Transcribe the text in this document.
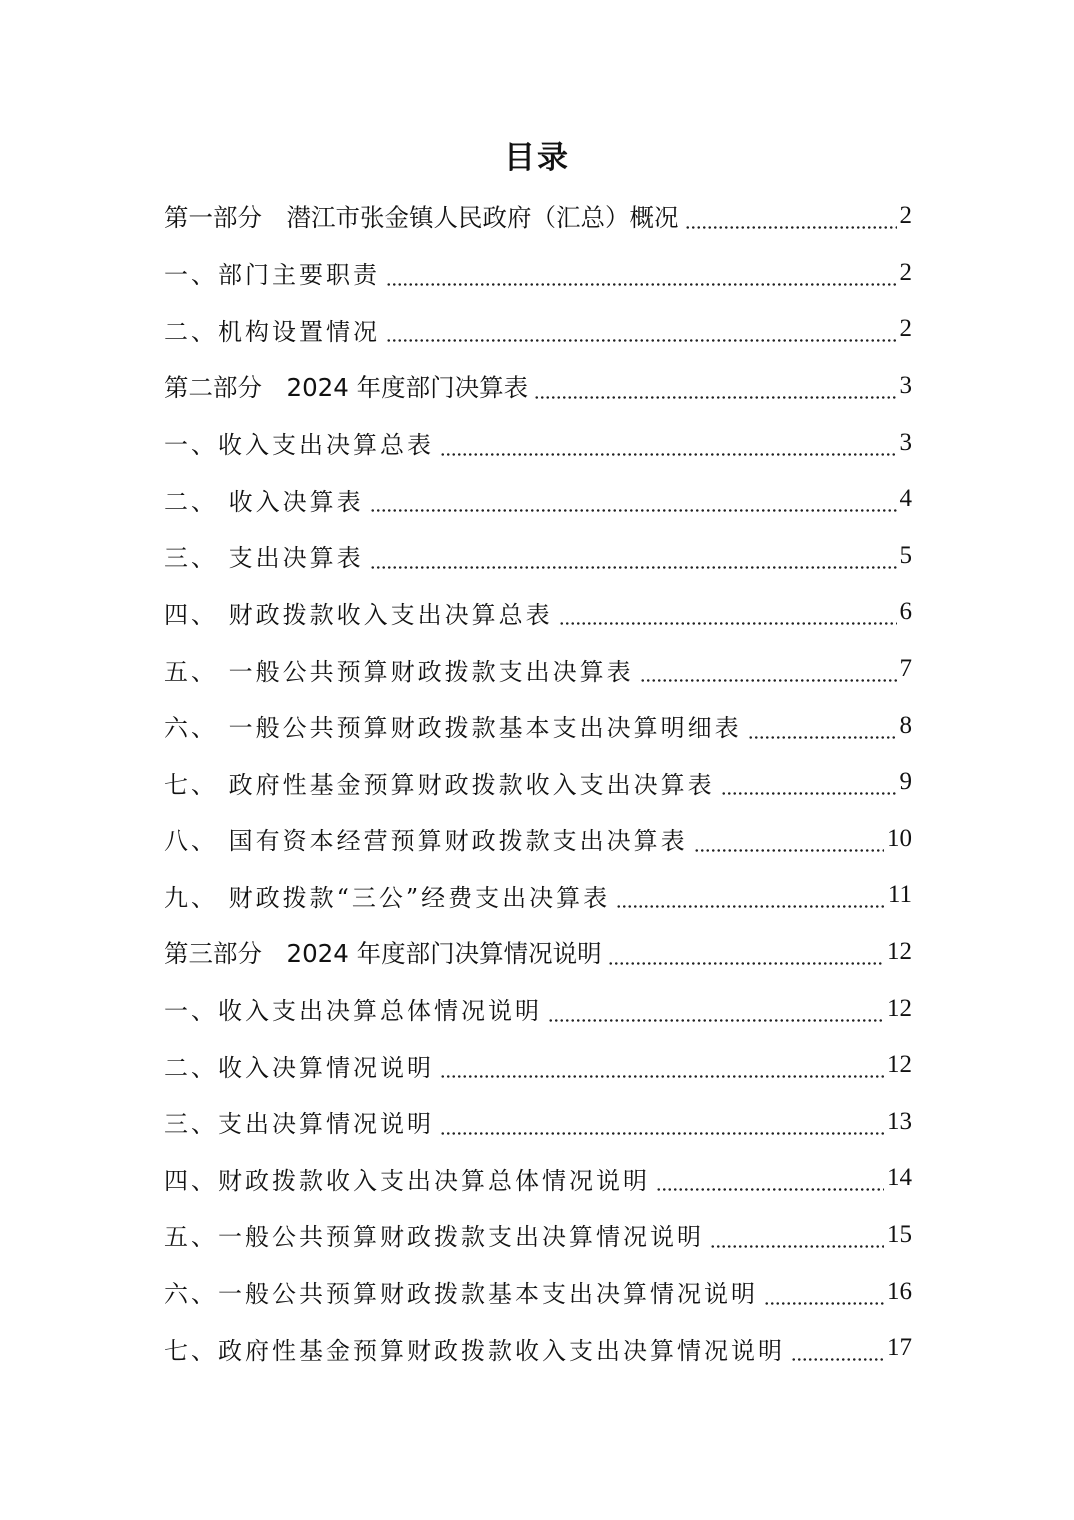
目录
第一部分　潜江市张金镇人民政府（汇总）概况	2
一、部门主要职责	2
二、机构设置情况	2
第二部分　2024 年度部门决算表	3
一、收入支出决算总表	3
二、 收入决算表	4
三、 支出决算表	5
四、 财政拨款收入支出决算总表	6
五、 一般公共预算财政拨款支出决算表	7
六、 一般公共预算财政拨款基本支出决算明细表	8
七、 政府性基金预算财政拨款收入支出决算表	9
八、 国有资本经营预算财政拨款支出决算表	10
九、 财政拨款“三公”经费支出决算表	11
第三部分　2024 年度部门决算情况说明	12
一、收入支出决算总体情况说明	12
二、收入决算情况说明	12
三、支出决算情况说明	13
四、财政拨款收入支出决算总体情况说明	14
五、一般公共预算财政拨款支出决算情况说明	15
六、一般公共预算财政拨款基本支出决算情况说明	16
七、政府性基金预算财政拨款收入支出决算情况说明	17
